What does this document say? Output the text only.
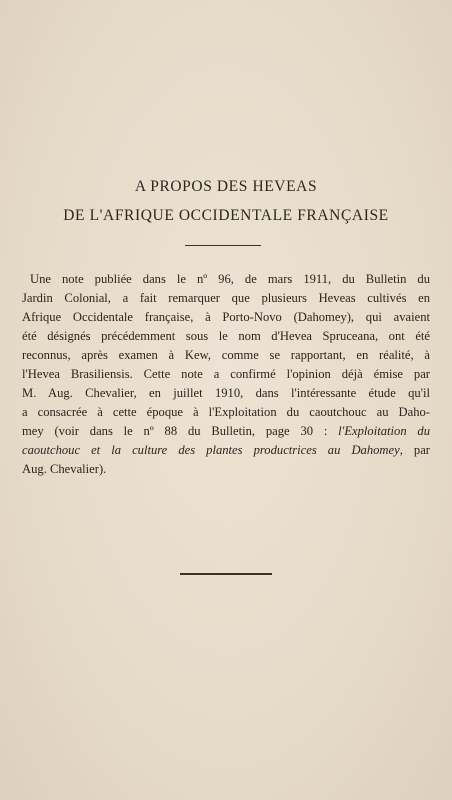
A PROPOS DES HEVEAS
DE L'AFRIQUE OCCIDENTALE FRANÇAISE
Une note publiée dans le nº 96, de mars 1911, du Bulletin du
Jardin Colonial, a fait remarquer que plusieurs Heveas cultivés en
Afrique Occidentale française, à Porto-Novo (Dahomey), qui avaient
été désignés précédemment sous le nom d'Hevea Spruceana, ont été
reconnus, après examen à Kew, comme se rapportant, en réalité, à
l'Hevea Brasiliensis. Cette note a confirmé l'opinion déjà émise par
M. Aug. Chevalier, en juillet 1910, dans l'intéressante étude qu'il
a consacrée à cette époque à l'Exploitation du caoutchouc au Daho-
mey (voir dans le nº 88 du Bulletin, page 30 : l'Exploitation du
caoutchouc et la culture des plantes productrices au Dahomey, par
Aug. Chevalier).
